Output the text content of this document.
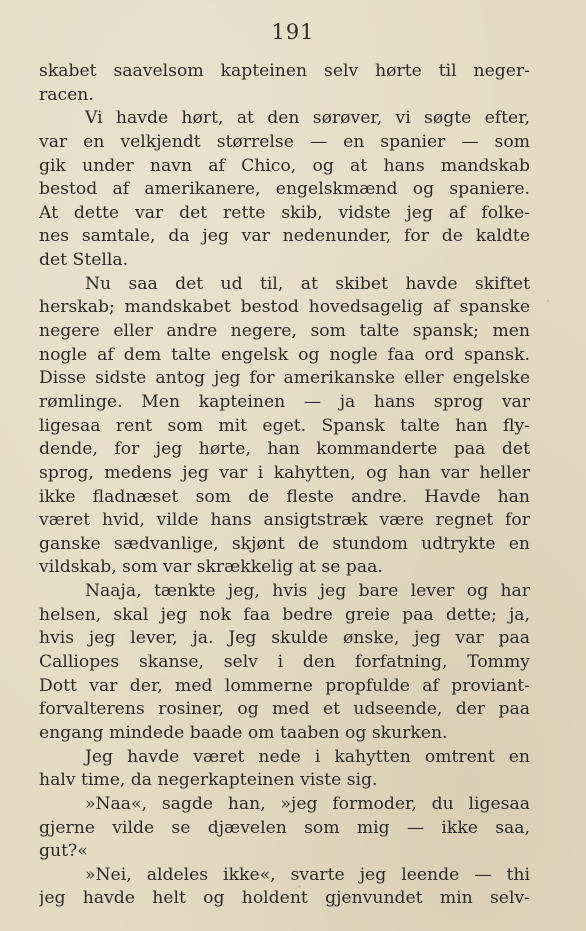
191
skabet saavelsom kapteinen selv hørte til neger-
racen.
Vi havde hørt, at den sørøver, vi søgte efter,
var en velkjendt størrelse — en spanier — som
gik under navn af Chico, og at hans mandskab
bestod af amerikanere, engelskmænd og spaniere.
At dette var det rette skib, vidste jeg af folke-
nes samtale, da jeg var nedenunder, for de kaldte
det Stella.
Nu saa det ud til, at skibet havde skiftet
herskab; mandskabet bestod hovedsagelig af spanske
negere eller andre negere, som talte spansk; men
nogle af dem talte engelsk og nogle faa ord spansk.
Disse sidste antog jeg for amerikanske eller engelske
rømlinge. Men kapteinen — ja hans sprog var
ligesaa rent som mit eget. Spansk talte han fly-
dende, for jeg hørte, han kommanderte paa det
sprog, medens jeg var i kahytten, og han var heller
ikke fladnæset som de fleste andre. Havde han
været hvid, vilde hans ansigtstræk være regnet for
ganske sædvanlige, skjønt de stundom udtrykte en
vildskab, som var skrækkelig at se paa.
Naaja, tænkte jeg, hvis jeg bare lever og har
helsen, skal jeg nok faa bedre greie paa dette; ja,
hvis jeg lever, ja. Jeg skulde ønske, jeg var paa
Calliopes skanse, selv i den forfatning, Tommy
Dott var der, med lommerne propfulde af proviant-
forvalterens rosiner, og med et udseende, der paa
engang mindede baade om taaben og skurken.
Jeg havde været nede i kahytten omtrent en
halv time, da negerkapteinen viste sig.
»Naa«, sagde han, »jeg formoder, du ligesaa
gjerne vilde se djævelen som mig — ikke saa,
gut?«
»Nei, aldeles ikke«, svarte jeg leende — thi
jeg havde helt og holdent gjenvundet min selv-
